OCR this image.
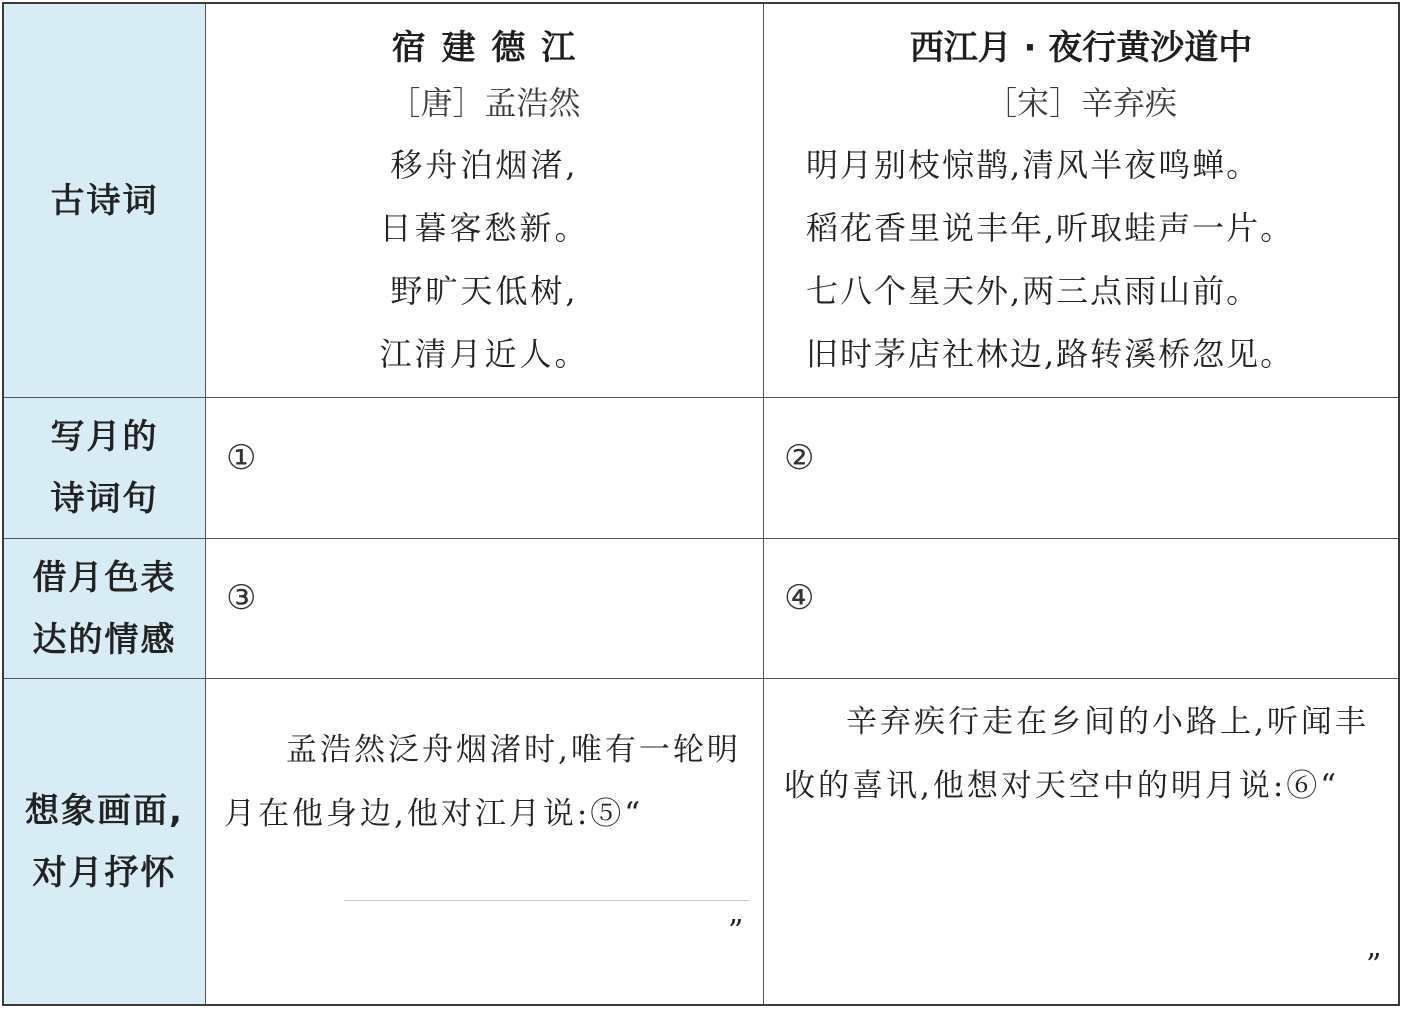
古诗词
写月的
诗词句
借月色表
达的情感
想象画面,
对月抒怀
宿 建 德 江
［唐］孟浩然
移舟泊烟渚,
日暮客愁新。
野旷天低树,
江清月近人。
西江月 · 夜行黄沙道中
［宋］辛弃疾
明月别枝惊鹊,清风半夜鸣蝉。
稻花香里说丰年,听取蛙声一片。
七八个星天外,两三点雨山前。
旧时茅店社林边,路转溪桥忽见。
①	②
③	④
孟浩然泛舟烟渚时,唯有一轮明月在他身边,他对江月说:⑤“
”
辛弃疾行走在乡间的小路上,听闻丰收的喜讯,他想对天空中的明月说:⑥“
”
